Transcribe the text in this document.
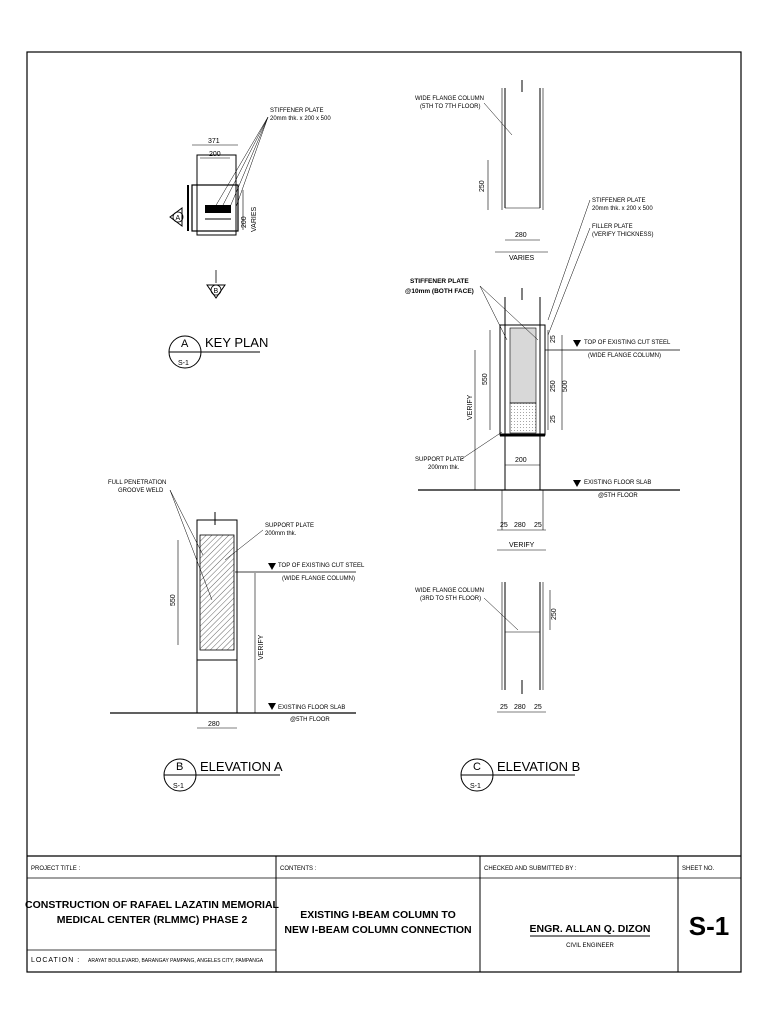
371
200
200 VARIES
STIFFENER PLATE
20mm thk. x 200 x 500
A
B
A
S-1
KEY PLAN
550
VERIFY
280
FULL PENETRATION
GROOVE WELD
SUPPORT PLATE
200mm thk.
TOP OF EXISTING CUT STEEL
(WIDE FLANGE COLUMN)
EXISTING FLOOR SLAB
@5TH FLOOR
B
S-1
ELEVATION A
250
280
VARIES
WIDE FLANGE COLUMN
(5TH TO 7TH FLOOR)
STIFFENER PLATE
20mm thk. x 200 x 500
FILLER PLATE
(VERIFY THICKNESS)
TOP OF EXISTING CUT STEEL
(WIDE FLANGE COLUMN)
STIFFENER PLATE
@10mm (BOTH FACE)
25
250 500
25
550
VERIFY
SUPPORT PLATE
200mm thk.
200
EXISTING FLOOR SLAB
@5TH FLOOR
25 280 25
VERIFY
250
WIDE FLANGE COLUMN
(3RD TO 5TH FLOOR)
25 280 25
C
S-1
ELEVATION B
PROJECT TITLE :
CONSTRUCTION OF RAFAEL LAZATIN MEMORIAL
MEDICAL CENTER (RLMMC) PHASE 2
LOCATION : ARAYAT BOULEVARD, BARANGAY PAMPANG, ANGELES CITY, PAMPANGA
CONTENTS :
EXISTING I-BEAM COLUMN TO
NEW I-BEAM COLUMN CONNECTION
CHECKED AND SUBMITTED BY :
ENGR. ALLAN Q. DIZON
CIVIL ENGINEER
SHEET NO.
S-1
